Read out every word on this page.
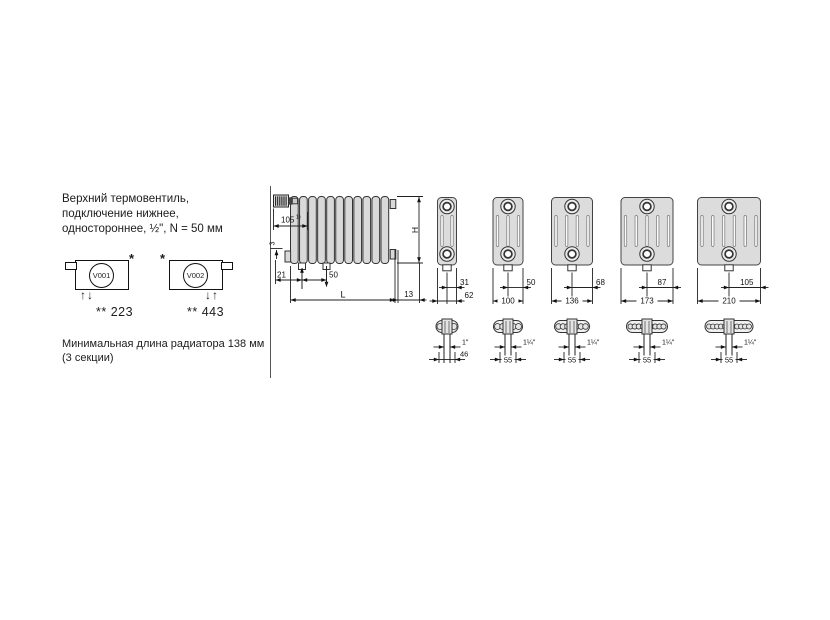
Верхний термовентиль,
подключение нижнее,
одностороннее, ½", N = 50 мм
V001
*
↑↓
** 223
V002
*
↓↑
** 443
Минимальная длина радиатора 138 мм
(3 секции)
105 1)
H
3
21	50
L	13
31
62
1"
46
50
100
1¼"
55
68
136
1¼"
55
87
173
1¼"
55
105
210
1¼"
55
